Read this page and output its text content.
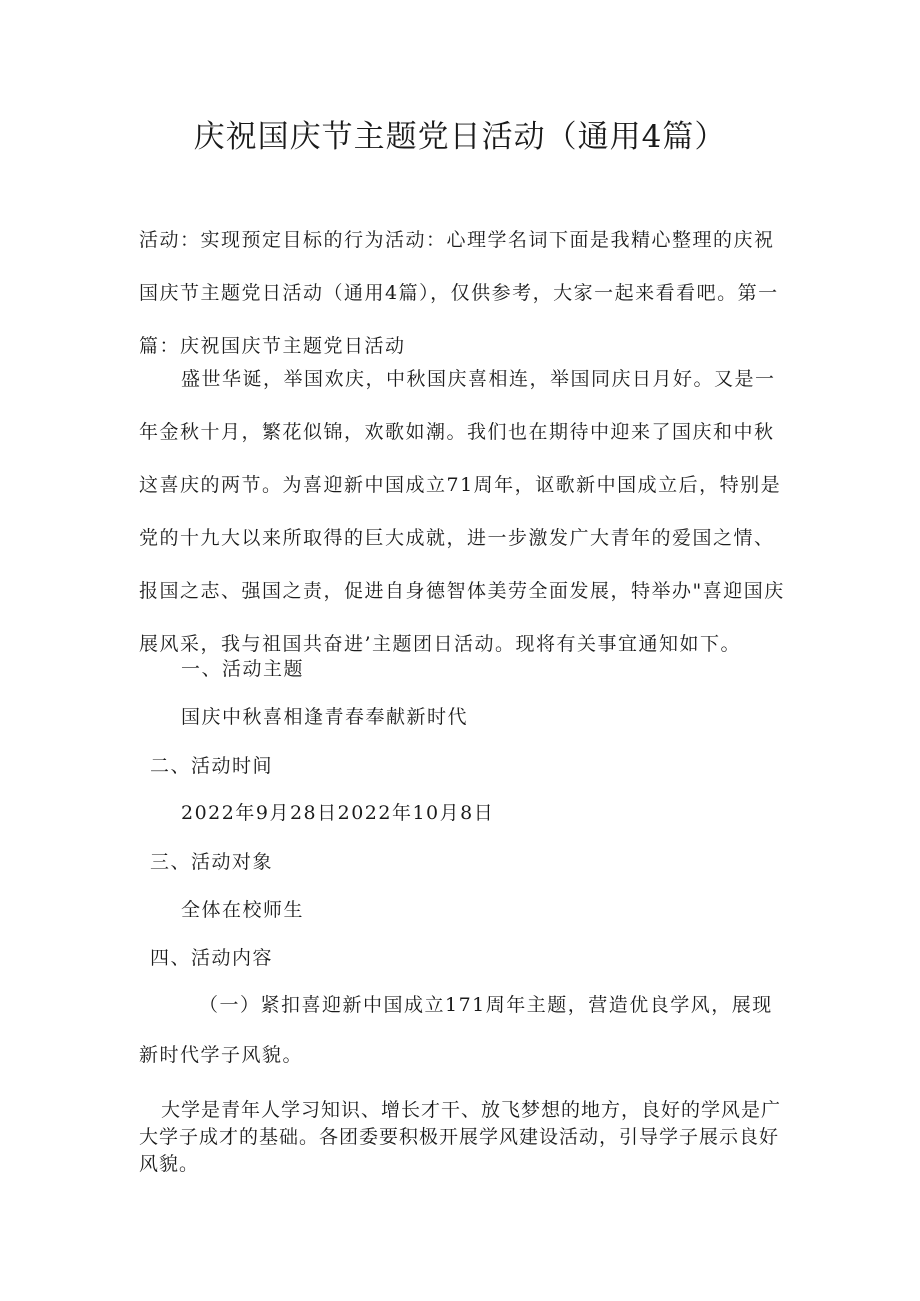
庆祝国庆节主题党日活动（通用4篇）

活动：实现预定目标的行为活动：心理学名词下面是我精心整理的庆祝国庆节主题党日活动（通用4篇），仅供参考，大家一起来看看吧。第一篇：庆祝国庆节主题党日活动

盛世华诞，举国欢庆，中秋国庆喜相连，举国同庆日月好。又是一年金秋十月，繁花似锦，欢歌如潮。我们也在期待中迎来了国庆和中秋这喜庆的两节。为喜迎新中国成立71周年，讴歌新中国成立后，特别是党的十九大以来所取得的巨大成就，进一步激发广大青年的爱国之情、报国之志、强国之责，促进自身德智体美劳全面发展，特举办"喜迎国庆展风采，我与祖国共奋进’主题团日活动。现将有关事宜通知如下。

一、活动主题

国庆中秋喜相逢青春奉献新时代

二、活动时间

2022年9月28日2022年10月8日

三、活动对象

全体在校师生

四、活动内容

（一）紧扣喜迎新中国成立171周年主题，营造优良学风，展现新时代学子风貌。

大学是青年人学习知识、增长才干、放飞梦想的地方，良好的学风是广大学子成才的基础。各团委要积极开展学风建设活动，引导学子展示良好风貌。
